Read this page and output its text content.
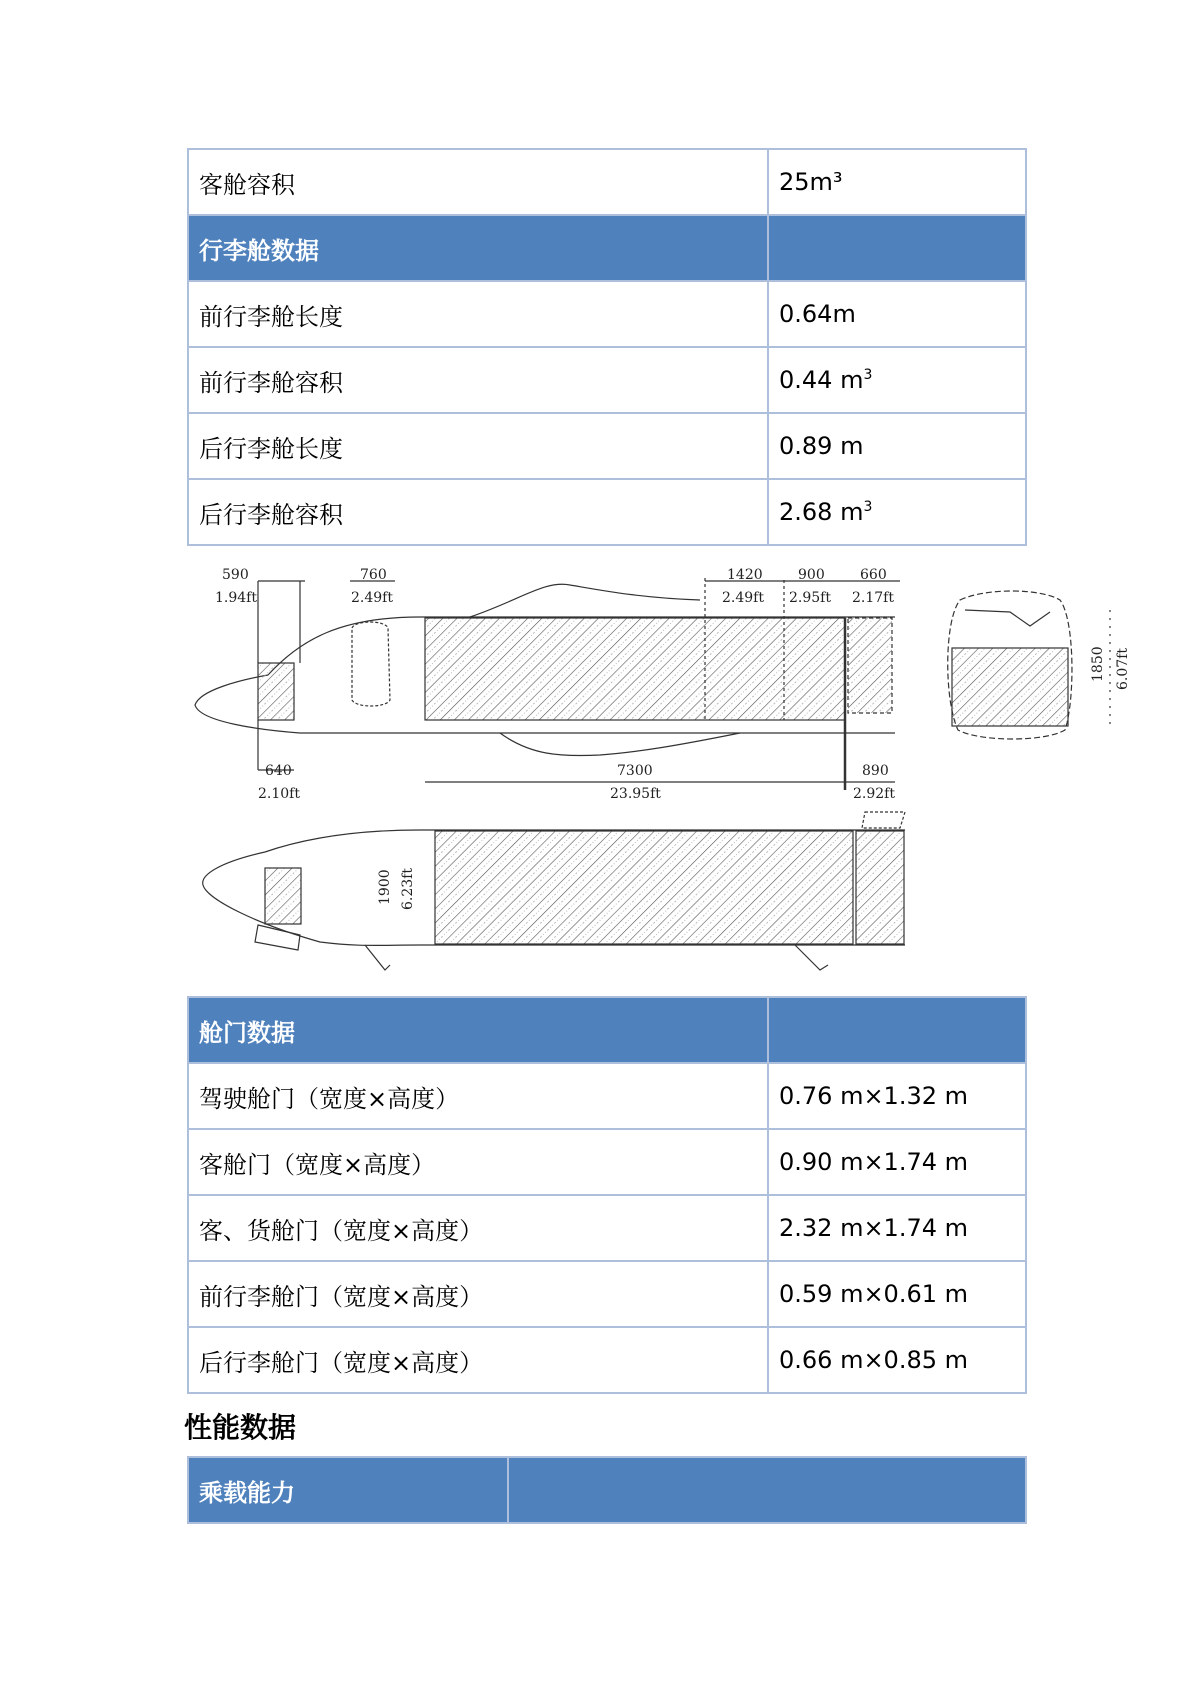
客舱容积	25m³
行李舱数据	
前行李舱长度	0.64m
前行李舱容积	0.44 $m^3$
后行李舱长度	0.89 m
后行李舱容积	2.68 $m^3$
590
1.94ft
760
2.49ft
1420
2.49ft
900
2.95ft
660
2.17ft
640
2.10ft
7300
23.95ft
890
2.92ft
1850 6.07ft
1900 6.23ft
舱门数据	
驾驶舱门（宽度×高度）	0.76 m×1.32 m
客舱门（宽度×高度）	0.90 m×1.74 m
客、货舱门（宽度×高度）	2.32 m×1.74 m
前行李舱门（宽度×高度）	0.59 m×0.61 m
后行李舱门（宽度×高度）	0.66 m×0.85 m
性能数据
乘载能力	
